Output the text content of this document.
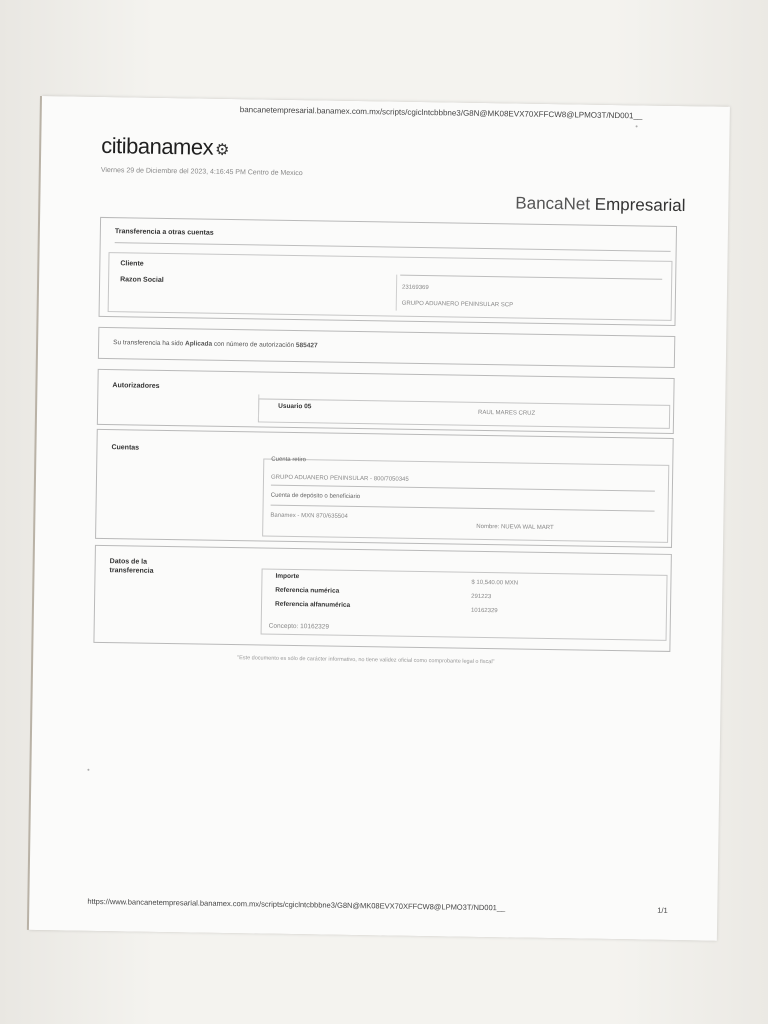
bancanetempresarial.banamex.com.mx/scripts/cgiclntcbbbne3/G8N@MK08EVX70XFFCW8@LPMO3T/ND001__
citibanamex ⚙
Viernes 29 de Diciembre del 2023, 4:16:45 PM Centro de Mexico
BancaNet Empresarial
Transferencia a otras cuentas
Cliente
Razon Social
23169369
GRUPO ADUANERO PENINSULAR SCP
Su transferencia ha sido Aplicada con número de autorización 585427
Autorizadores
Usuario 05
RAUL MARES CRUZ
Cuentas
Cuenta retiro
GRUPO ADUANERO PENINSULAR - 800/7050345
Cuenta de depósito o beneficiario
Banamex - MXN 870/635504
Nombre: NUEVA WAL MART
Datos de la
transferencia
Importe
$ 10,540.00 MXN
Referencia numérica
291223
Referencia alfanumérica
10162329
Concepto: 10162329
"Este documento es sólo de carácter informativo, no tiene validez oficial como comprobante legal o fiscal"
https://www.bancanetempresarial.banamex.com.mx/scripts/cgiclntcbbbne3/G8N@MK08EVX70XFFCW8@LPMO3T/ND001__	1/1
